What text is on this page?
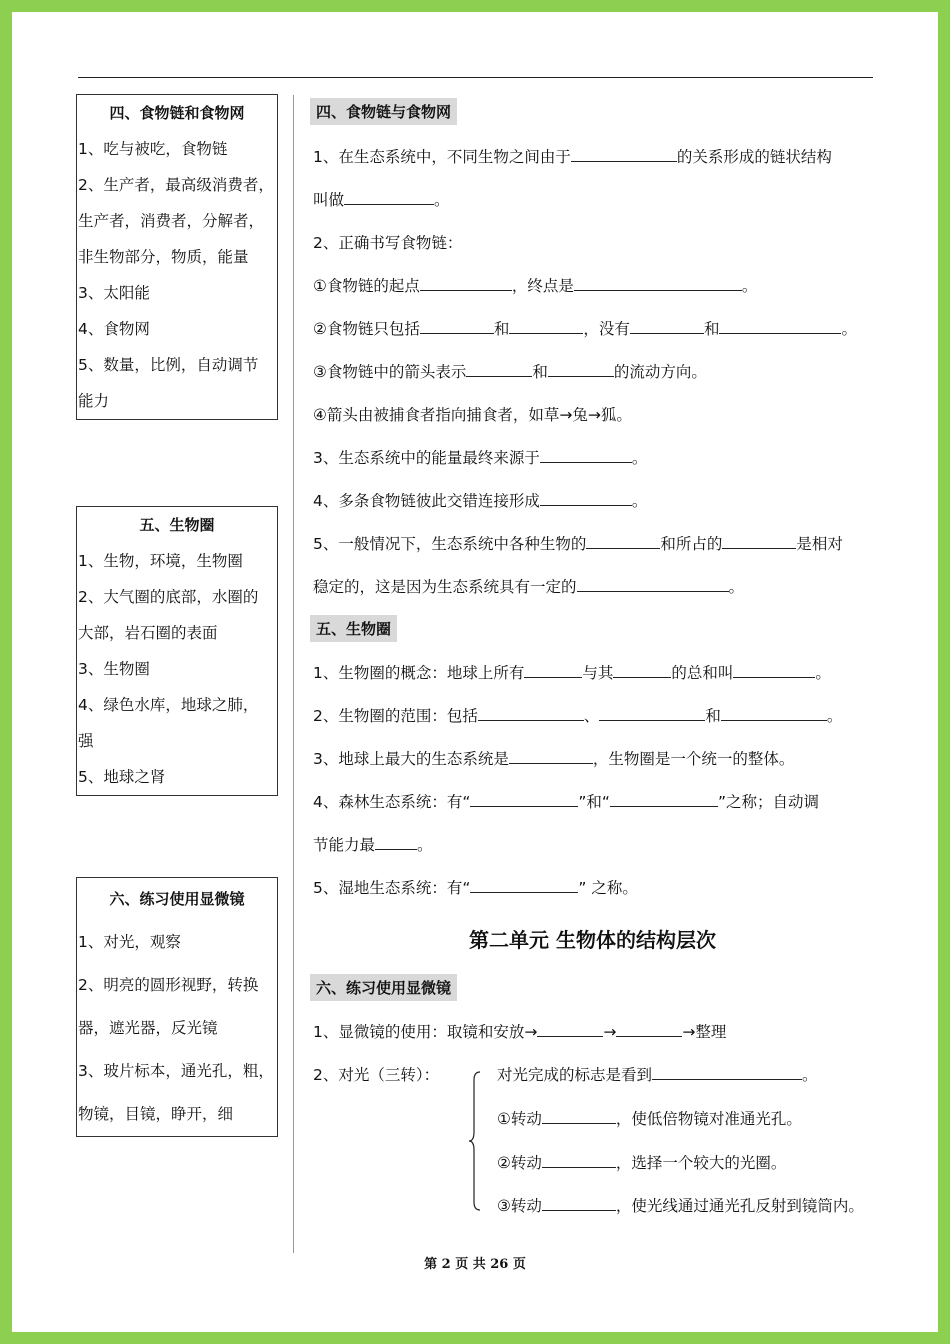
四、食物链和食物网
1、吃与被吃，食物链
2、生产者，最高级消费者，
生产者，消费者，分解者，
非生物部分，物质，能量
3、太阳能
4、食物网
5、数量，比例，自动调节
能力
五、生物圈
1、生物，环境，生物圈
2、大气圈的底部，水圈的
大部，岩石圈的表面
3、生物圈
4、绿色水库，地球之肺，
强
5、地球之肾
六、练习使用显微镜
1、对光，观察
2、明亮的圆形视野，转换
器，遮光器，反光镜
3、玻片标本，通光孔，粗，
物镜，目镜，睁开，细
四、食物链与食物网
1、在生态系统中，不同生物之间由于	的关系形成的链状结构
叫做	。
2、正确书写食物链：
①食物链的起点	，终点是	。
②食物链只包括	和	，没有	和	。
③食物链中的箭头表示	和	的流动方向。
④箭头由被捕食者指向捕食者，如草→兔→狐。
3、生态系统中的能量最终来源于	。
4、多条食物链彼此交错连接形成	。
5、一般情况下，生态系统中各种生物的	和所占的	是相对
稳定的，这是因为生态系统具有一定的	。
五、生物圈
1、生物圈的概念：地球上所有	与其	的总和叫	。
2、生物圈的范围：包括	、	和	。
3、地球上最大的生态系统是	，生物圈是一个统一的整体。
4、森林生态系统：有“	”和“	”之称；自动调
节能力最	。
5、湿地生态系统：有“	” 之称。
第二单元 生物体的结构层次
六、练习使用显微镜
1、显微镜的使用：取镜和安放→	→	→整理
2、对光（三转）：	对光完成的标志是看到	。
①转动	，使低倍物镜对准通光孔。
②转动	，选择一个较大的光圈。
③转动	，使光线通过通光孔反射到镜筒内。
第 2 页 共 26 页
